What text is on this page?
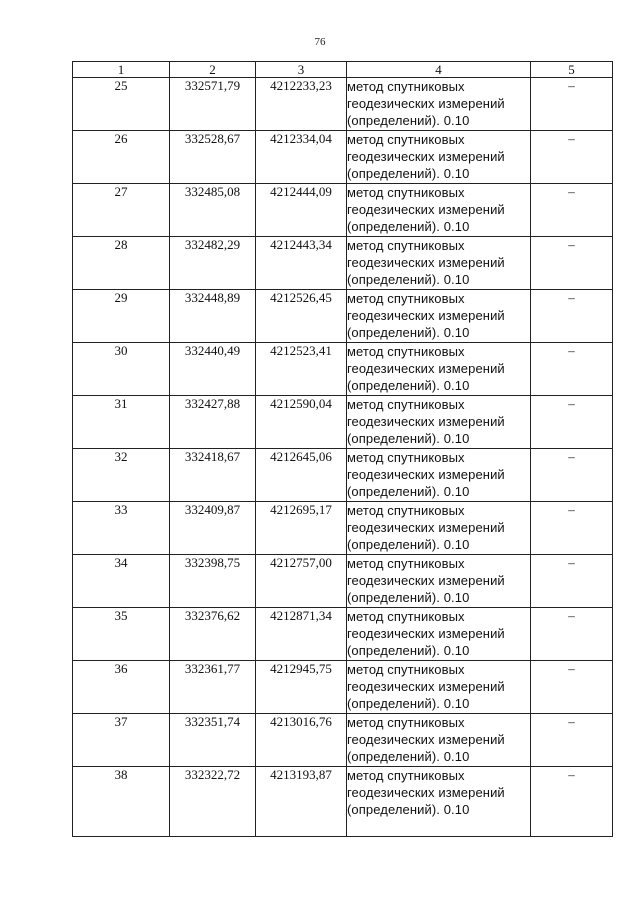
76
1	2	3	4	5
25	332571,79	4212233,23	метод спутниковых
геодезических измерений
(определений). 0.10	–
26	332528,67	4212334,04	метод спутниковых
геодезических измерений
(определений). 0.10	–
27	332485,08	4212444,09	метод спутниковых
геодезических измерений
(определений). 0.10	–
28	332482,29	4212443,34	метод спутниковых
геодезических измерений
(определений). 0.10	–
29	332448,89	4212526,45	метод спутниковых
геодезических измерений
(определений). 0.10	–
30	332440,49	4212523,41	метод спутниковых
геодезических измерений
(определений). 0.10	–
31	332427,88	4212590,04	метод спутниковых
геодезических измерений
(определений). 0.10	–
32	332418,67	4212645,06	метод спутниковых
геодезических измерений
(определений). 0.10	–
33	332409,87	4212695,17	метод спутниковых
геодезических измерений
(определений). 0.10	–
34	332398,75	4212757,00	метод спутниковых
геодезических измерений
(определений). 0.10	–
35	332376,62	4212871,34	метод спутниковых
геодезических измерений
(определений). 0.10	–
36	332361,77	4212945,75	метод спутниковых
геодезических измерений
(определений). 0.10	–
37	332351,74	4213016,76	метод спутниковых
геодезических измерений
(определений). 0.10	–
38	332322,72	4213193,87	метод спутниковых
геодезических измерений
(определений). 0.10	–
